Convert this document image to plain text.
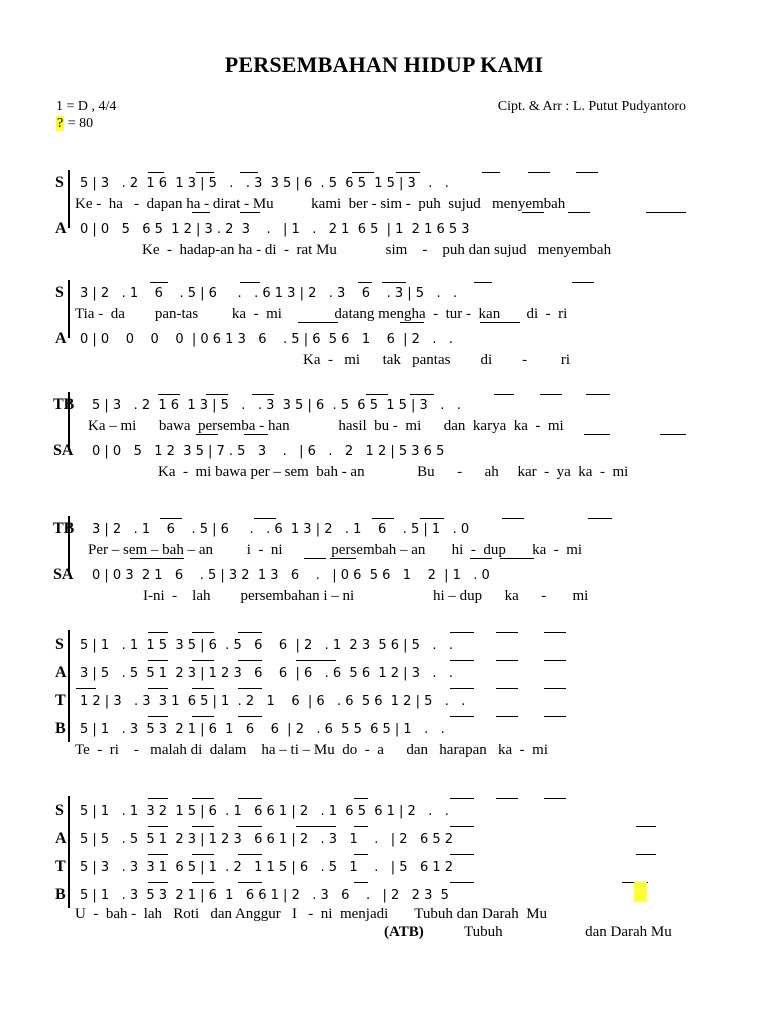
PERSEMBAHAN HIDUP KAMI
1 = D , 4/4
? = 80
Cipt. & Arr : L. Putut Pudyantoro
S 5 | 3   . 2  1 6  1 3 | 5   .   . 3  3 5 | 6  . 5  6 5  1 5 | 3   .   .
Ke -  ha   -  dapan ha - dirat - Mu          kami  ber - sim -  puh  sujud   menyembah
A 0 | 0   5   6 5  1 2 | 3 . 2  3    .   | 1   .   2 1  6 5  | 1  2 1 6 5 3
Ke  -  hadap-an ha - di  -  rat Mu             sim    -    puh dan sujud   menyembah
S 3 | 2   . 1    6    . 5 | 6     .   . 6 1 3 | 2   . 3    6    . 3 | 5   .   .
Tia -  da        pan-tas         ka  -  mi              datang mengha  -  tur -  kan       di  -  ri
A 0 | 0    0    0    0  | 0 6 1 3   6    . 5 | 6  5 6   1    6  | 2   .   .
Ka  -   mi      tak   pantas        di        -         ri
TB 5 | 3   . 2  1 6  1 3 | 5   .   . 3  3 5 | 6  . 5  6 5  1 5 | 3   .   .
Ka – mi      bawa  persemba - han             hasil  bu -  mi      dan  karya  ka  -  mi
SA 0 | 0   5   1 2  3 5 | 7 . 5   3    .   | 6   .   2   1 2 | 5 3 6 5
Ka  -  mi bawa per – sem  bah - an              Bu      -      ah     kar  -  ya  ka  -  mi
TB 3 | 2   . 1    6    . 5 | 6     .   . 6  1 3 | 2   . 1    6    . 5 | 1   . 0
Per – sem – bah – an         i  -  ni             persembah – an       hi  -  dup       ka  -  mi
SA 0 | 0 3  2 1   6    . 5 | 3 2  1 3   6    .   | 0 6  5 6   1    2  | 1   . 0
I-ni  -    lah        persembahan i – ni                     hi – dup      ka      -       mi
S 5 | 1   . 1  1 5  3 5 | 6  . 5   6    6  | 2   . 1  2 3  5 6 | 5   .   .
A 3 | 5   . 5  5 1  2 3 | 1 2 3   6    6  | 6   . 6  5 6  1 2 | 3   .   .
T 1 2 | 3   . 3  3 1  6 5 | 1  . 2   1    6  | 6   . 6  5 6  1 2 | 5   .   .
B 5 | 1   . 3  5 3  2 1 | 6  1   6    6  | 2   . 6  5 5  6 5 | 1   .   .
Te  -  ri    -   malah di  dalam    ha – ti – Mu  do  -  a      dan   harapan   ka  -  mi
S 5 | 1   . 1  3 2  1 5 | 6  . 1   6 6 1 | 2   . 1  6 5  6 1 | 2   .   .
A 5 | 5   . 5  5 1  2 3 | 1 2 3   6 6 1 | 2   . 3   1    .   | 2   6 5 2
T 5 | 3   . 3  3 1  6 5 | 1  . 2   1 1 5 | 6   . 5   1    .   | 5   6 1 2
B 5 | 1   . 3  5 3  2 1 | 6  1   6 6 1 | 2   . 3   6    .   | 2   2 3  5
U  -  bah -  lah   Roti   dan Anggur   I   -  ni  menjadi       Tubuh dan Darah  Mu
(ATB)	Tubuh                      dan Darah Mu
